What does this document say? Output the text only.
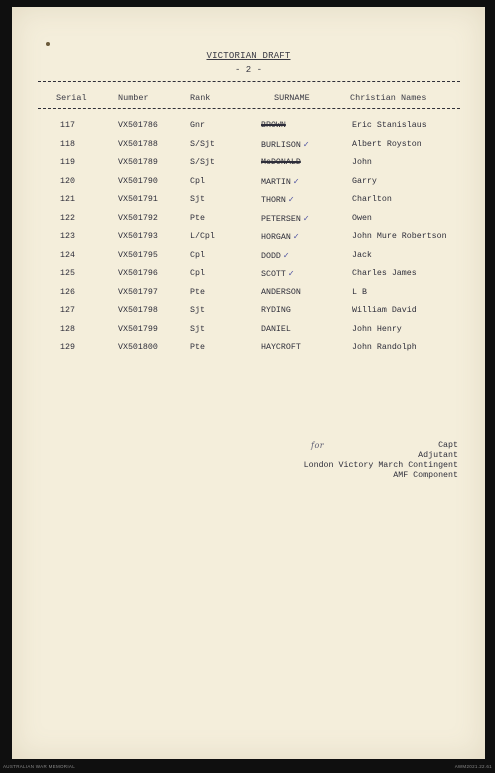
VICTORIAN DRAFT
- 2 -
Serial	Number	Rank	SURNAME	Christian Names
117	VX501786	Gnr	BROWN	Eric Stanislaus
118	VX501788	S/Sjt	BURLISON ✓	Albert Royston
119	VX501789	S/Sjt	McDONALD	John
120	VX501790	Cpl	MARTIN ✓	Garry
121	VX501791	Sjt	THORN ✓	Charlton
122	VX501792	Pte	PETERSEN ✓	Owen
123	VX501793	L/Cpl	HORGAN ✓	John Mure Robertson
124	VX501795	Cpl	DODD ✓	Jack
125	VX501796	Cpl	SCOTT ✓	Charles James
126	VX501797	Pte	ANDERSON	L B
127	VX501798	Sjt	RYDING	William David
128	VX501799	Sjt	DANIEL	John Henry
129	VX501800	Pte	HAYCROFT	John Randolph
for	Capt
Adjutant
London Victory March Contingent
AMF Component
AUSTRALIAN WAR MEMORIAL	AWM2021.22.61
